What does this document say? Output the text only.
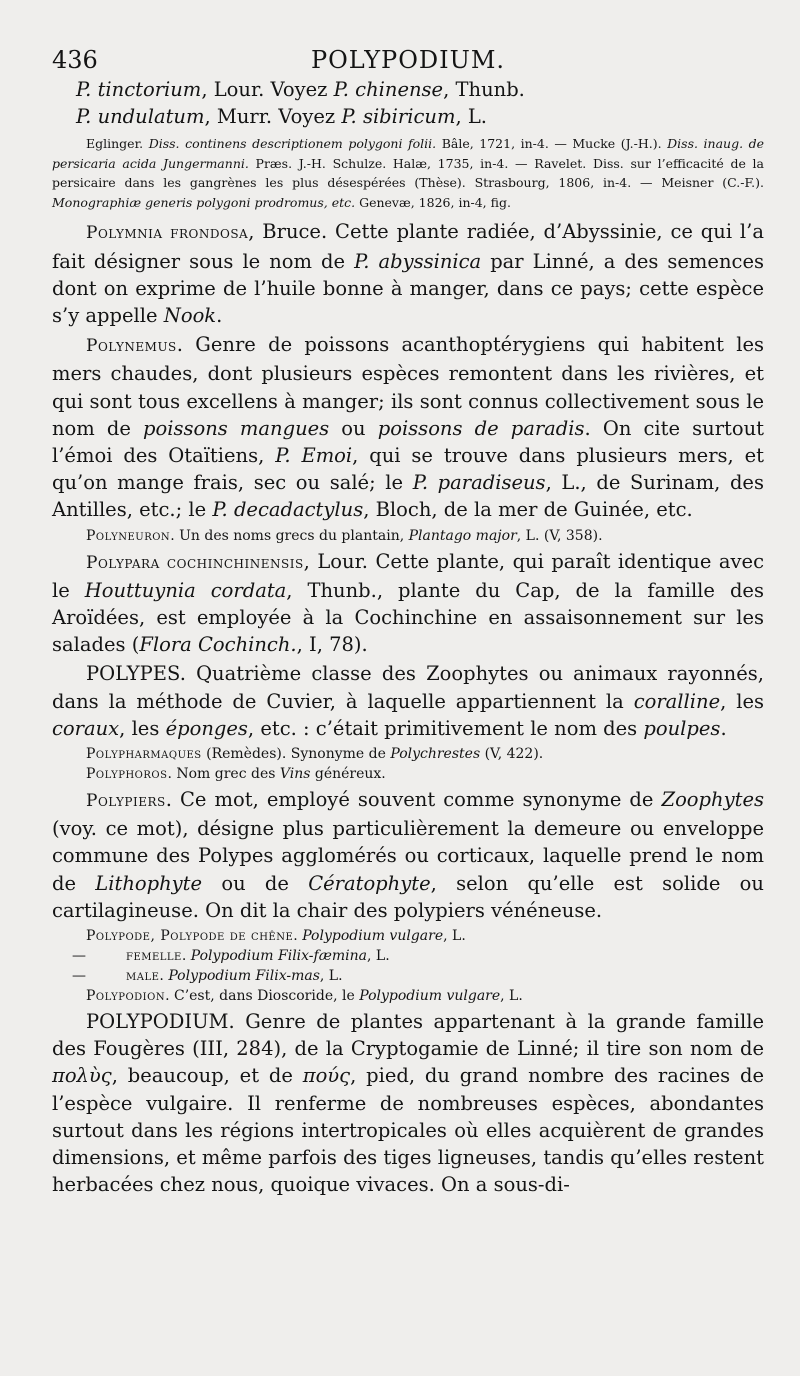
436	POLYPODIUM.
P. tinctorium, Lour. Voyez P. chinense, Thunb.
P. undulatum, Murr. Voyez P. sibiricum, L.
Eglinger. Diss. continens descriptionem polygoni folii. Bâle, 1721, in-4. — Mucke (J.-H.). Diss. inaug. de persicaria acida Jungermanni. Præs. J.-H. Schulze. Halæ, 1735, in-4. — Ravelet. Diss. sur l’efficacité de la persicaire dans les gangrènes les plus désespérées (Thèse). Strasbourg, 1806, in-4. — Meisner (C.-F.). Monographiæ generis polygoni prodromus, etc. Genevæ, 1826, in-4, fig.
Polymnia frondosa, Bruce. Cette plante radiée, d’Abyssinie, ce qui l’a fait désigner sous le nom de P. abyssinica par Linné, a des semences dont on exprime de l’huile bonne à manger, dans ce pays; cette espèce s’y appelle Nook.
Polynemus. Genre de poissons acanthoptérygiens qui habitent les mers chaudes, dont plusieurs espèces remontent dans les rivières, et qui sont tous excellens à manger; ils sont connus collectivement sous le nom de poissons mangues ou poissons de paradis. On cite surtout l’émoi des Otaïtiens, P. Emoi, qui se trouve dans plusieurs mers, et qu’on mange frais, sec ou salé; le P. paradiseus, L., de Surinam, des Antilles, etc.; le P. decadactylus, Bloch, de la mer de Guinée, etc.
Polyneuron. Un des noms grecs du plantain, Plantago major, L. (V, 358).
Polypara cochinchinensis, Lour. Cette plante, qui paraît identique avec le Houttuynia cordata, Thunb., plante du Cap, de la famille des Aroïdées, est employée à la Cochinchine en assaisonnement sur les salades (Flora Cochinch., I, 78).
POLYPES. Quatrième classe des Zoophytes ou animaux rayonnés, dans la méthode de Cuvier, à laquelle appartiennent la coralline, les coraux, les éponges, etc. : c’était primitivement le nom des poulpes.
Polypharmaques (Remèdes). Synonyme de Polychrestes (V, 422).
Polyphoros. Nom grec des Vins généreux.
Polypiers. Ce mot, employé souvent comme synonyme de Zoophytes (voy. ce mot), désigne plus particulièrement la demeure ou enveloppe commune des Polypes agglomérés ou corticaux, laquelle prend le nom de Lithophyte ou de Cératophyte, selon qu’elle est solide ou cartilagineuse. On dit la chair des polypiers vénéneuse.
Polypode, Polypode de chêne. Polypodium vulgare, L.
—	femelle. Polypodium Filix-fæmina, L.
—	male. Polypodium Filix-mas, L.
Polypodion. C’est, dans Dioscoride, le Polypodium vulgare, L.
POLYPODIUM. Genre de plantes appartenant à la grande famille des Fougères (III, 284), de la Cryptogamie de Linné; il tire son nom de πολὺς, beaucoup, et de πούς, pied, du grand nombre des racines de l’espèce vulgaire. Il renferme de nombreuses espèces, abondantes surtout dans les régions intertropicales où elles acquièrent de grandes dimensions, et même parfois des tiges ligneuses, tandis qu’elles restent herbacées chez nous, quoique vivaces. On a sous-di-
